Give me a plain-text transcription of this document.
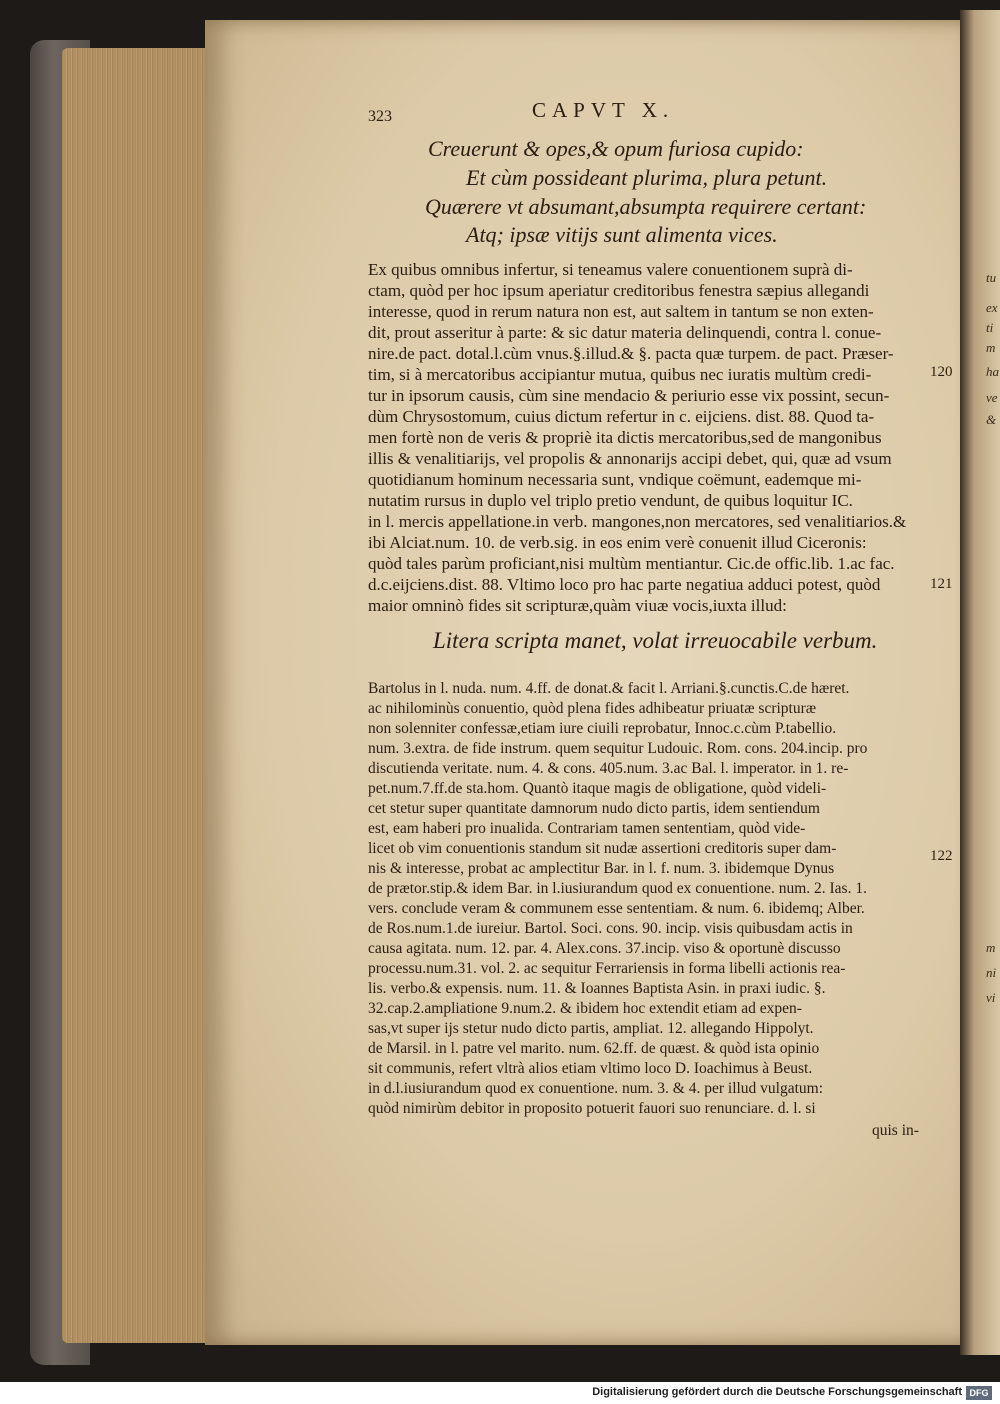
323	CAPVT X.
Creuerunt & opes,& opum furiosa cupido:
Et cùm possideant plurima, plura petunt.
Quærere vt absumant,absumpta requirere certant:
Atq; ipsæ vitijs sunt alimenta vices.
Ex quibus omnibus infertur, si teneamus valere conuentionem suprà di-
ctam, quòd per hoc ipsum aperiatur creditoribus fenestra sæpius allegandi
interesse, quod in rerum natura non est, aut saltem in tantum se non exten-
dit, prout asseritur à parte: & sic datur materia delinquendi, contra l. conue-
nire.de pact. dotal.l.cùm vnus.§.illud.& §. pacta quæ turpem. de pact. Præser-
tim, si à mercatoribus accipiantur mutua, quibus nec iuratis multùm credi-
tur in ipsorum causis, cùm sine mendacio & periurio esse vix possint, secun-
dùm Chrysostomum, cuius dictum refertur in c. eijciens. dist. 88. Quod ta-
men fortè non de veris & propriè ita dictis mercatoribus,sed de mangonibus
illis & venalitiarijs, vel propolis & annonarijs accipi debet, qui, quæ ad vsum
quotidianum hominum necessaria sunt, vndique coëmunt, eademque mi-
nutatim rursus in duplo vel triplo pretio vendunt, de quibus loquitur IC.
in l. mercis appellatione.in verb. mangones,non mercatores, sed venalitiarios.&
ibi Alciat.num. 10. de verb.sig. in eos enim verè conuenit illud Ciceronis:
quòd tales parùm proficiant,nisi multùm mentiantur. Cic.de offic.lib. 1.ac fac.
d.c.eijciens.dist. 88. Vltimo loco pro hac parte negatiua adduci potest, quòd
maior omninò fides sit scripturæ,quàm viuæ vocis,iuxta illud:
Litera scripta manet, volat irreuocabile verbum.
Bartolus in l. nuda. num. 4.ff. de donat.& facit l. Arriani.§.cunctis.C.de hæret.
ac nihilominùs conuentio, quòd plena fides adhibeatur priuatæ scripturæ
non solenniter confessæ,etiam iure ciuili reprobatur, Innoc.c.cùm P.tabellio.
num. 3.extra. de fide instrum. quem sequitur Ludouic. Rom. cons. 204.incip. pro
discutienda veritate. num. 4. & cons. 405.num. 3.ac Bal. l. imperator. in 1. re-
pet.num.7.ff.de sta.hom. Quantò itaque magis de obligatione, quòd videli-
cet stetur super quantitate damnorum nudo dicto partis, idem sentiendum
est, eam haberi pro inualida. Contrariam tamen sententiam, quòd vide-
licet ob vim conuentionis standum sit nudæ assertioni creditoris super dam-
nis & interesse, probat ac amplectitur Bar. in l. f. num. 3. ibidemque Dynus
de prætor.stip.& idem Bar. in l.iusiurandum quod ex conuentione. num. 2. Ias. 1.
vers. conclude veram & communem esse sententiam. & num. 6. ibidemq; Alber.
de Ros.num.1.de iureiur. Bartol. Soci. cons. 90. incip. visis quibusdam actis in
causa agitata. num. 12. par. 4. Alex.cons. 37.incip. viso & oportunè discusso
processu.num.31. vol. 2. ac sequitur Ferrariensis in forma libelli actionis rea-
lis. verbo.& expensis. num. 11. & Ioannes Baptista Asin. in praxi iudic. §.
32.cap.2.ampliatione 9.num.2. & ibidem hoc extendit etiam ad expen-
sas,vt super ijs stetur nudo dicto partis, ampliat. 12. allegando Hippolyt.
de Marsil. in l. patre vel marito. num. 62.ff. de quæst. & quòd ista opinio
sit communis, refert vltrà alios etiam vltimo loco D. Ioachimus à Beust.
in d.l.iusiurandum quod ex conuentione. num. 3. & 4. per illud vulgatum:
quòd nimirùm debitor in proposito potuerit fauori suo renunciare. d. l. si
quis in-
120
121
122
tu
ex
ti
m
ha
ve
&
m
ni
vi
Digitalisierung gefördert durch die Deutsche Forschungsgemeinschaft DFG
